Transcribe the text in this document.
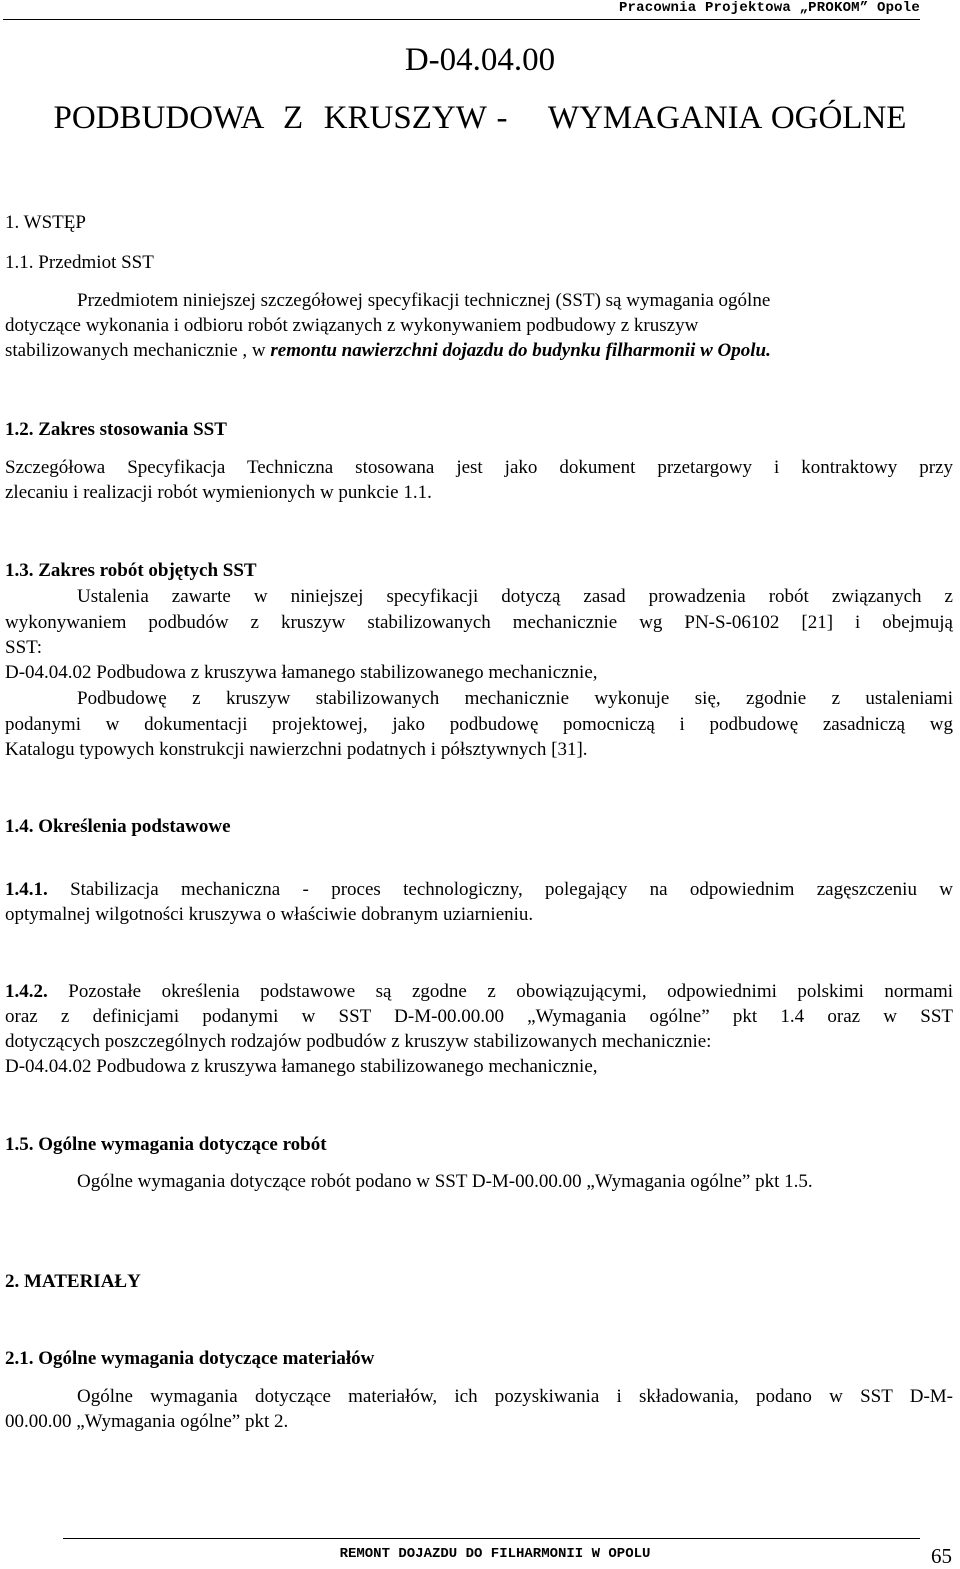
Pracownia Projektowa „PROKOM” Opole
D-04.04.00
PODBUDOWA  Z  KRUSZYW -    WYMAGANIA OGÓLNE
1. WSTĘP
1.1. Przedmiot SST
Przedmiotem niniejszej szczegółowej specyfikacji technicznej (SST) są wymagania ogólne
dotyczące wykonania i odbioru robót związanych z wykonywaniem podbudowy z kruszyw
stabilizowanych mechanicznie , w remontu nawierzchni dojazdu do budynku filharmonii w Opolu.
1.2. Zakres stosowania SST
Szczegółowa Specyfikacja Techniczna stosowana jest jako dokument przetargowy i kontraktowy przy
zlecaniu i realizacji robót wymienionych w punkcie 1.1.
1.3. Zakres robót objętych SST
Ustalenia zawarte w niniejszej specyfikacji dotyczą zasad prowadzenia robót związanych z
wykonywaniem podbudów z kruszyw stabilizowanych mechanicznie wg PN-S-06102 [21] i obejmują
SST:
D-04.04.02 Podbudowa z kruszywa łamanego stabilizowanego mechanicznie,
Podbudowę z kruszyw stabilizowanych mechanicznie wykonuje się, zgodnie z ustaleniami
podanymi w dokumentacji projektowej, jako podbudowę pomocniczą i podbudowę zasadniczą wg
Katalogu typowych konstrukcji nawierzchni podatnych i półsztywnych [31].
1.4. Określenia podstawowe
1.4.1. Stabilizacja mechaniczna - proces technologiczny, polegający na odpowiednim zagęszczeniu w
optymalnej wilgotności kruszywa o właściwie dobranym uziarnieniu.
1.4.2. Pozostałe określenia podstawowe są zgodne z obowiązującymi, odpowiednimi polskimi normami
oraz z definicjami podanymi w SST D-M-00.00.00 „Wymagania ogólne” pkt 1.4 oraz w SST
dotyczących poszczególnych rodzajów podbudów z kruszyw stabilizowanych mechanicznie:
D-04.04.02 Podbudowa z kruszywa łamanego stabilizowanego mechanicznie,
1.5. Ogólne wymagania dotyczące robót
Ogólne wymagania dotyczące robót podano w SST D-M-00.00.00 „Wymagania ogólne” pkt 1.5.
2. MATERIAŁY
2.1. Ogólne wymagania dotyczące materiałów
Ogólne wymagania dotyczące materiałów, ich pozyskiwania i składowania, podano w SST D-M-
00.00.00 „Wymagania ogólne” pkt 2.
REMONT DOJAZDU DO FILHARMONII W OPOLU	65
